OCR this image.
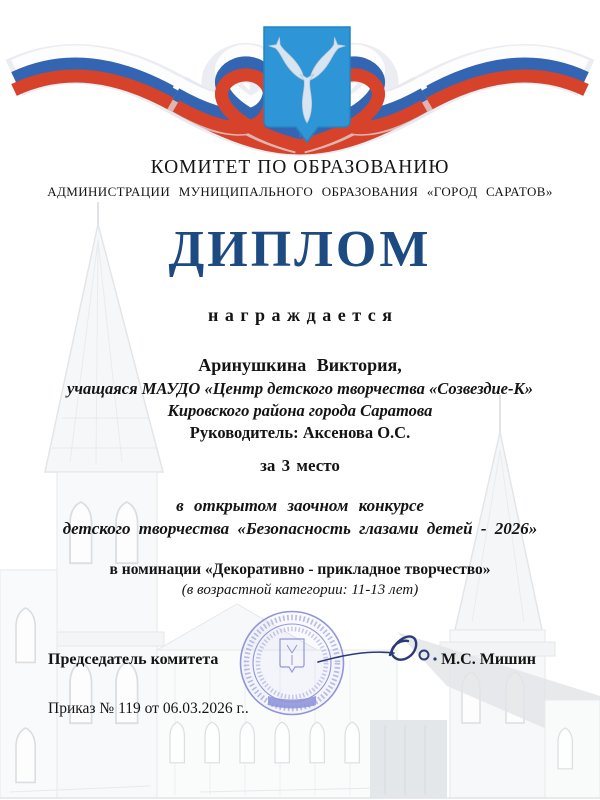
КОМИТЕТ ПО ОБРАЗОВАНИЮ
АДМИНИСТРАЦИИ МУНИЦИПАЛЬНОГО ОБРАЗОВАНИЯ «ГОРОД САРАТОВ»
ДИПЛОМ
награждается
Аринушкина Виктория,
учащаяся МАУДО «Центр детского творчества «Созвездие-К»
Кировского района города Саратова
Руководитель: Аксенова О.С.
за 3 место
в открытом заочном конкурсе
детского творчества «Безопасность глазами детей - 2026»
в номинации «Декоративно - прикладное творчество»
(в возрастной категории: 11-13 лет)
Председатель комитета	М.С. Мишин
Приказ № 119 от 06.03.2026 г..
